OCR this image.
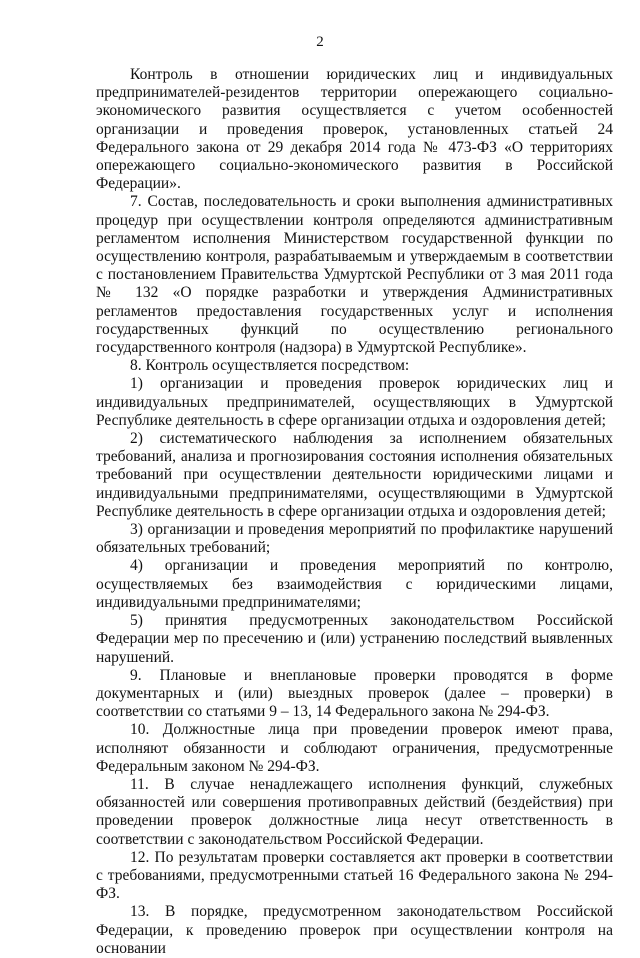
2

Контроль в отношении юридических лиц и индивидуальных предпринимателей-резидентов территории опережающего социально-экономического развития осуществляется с учетом особенностей организации и проведения проверок, установленных статьей 24 Федерального закона от 29 декабря 2014 года № 473-ФЗ «О территориях опережающего социально-экономического развития в Российской Федерации».

7. Состав, последовательность и сроки выполнения административных процедур при осуществлении контроля определяются административным регламентом исполнения Министерством государственной функции по осуществлению контроля, разрабатываемым и утверждаемым в соответствии с постановлением Правительства Удмуртской Республики от 3 мая 2011 года № 132 «О порядке разработки и утверждения Административных регламентов предоставления государственных услуг и исполнения государственных функций по осуществлению регионального государственного контроля (надзора) в Удмуртской Республике».

8. Контроль осуществляется посредством:

1) организации и проведения проверок юридических лиц и индивидуальных предпринимателей, осуществляющих в Удмуртской Республике деятельность в сфере организации отдыха и оздоровления детей;

2) систематического наблюдения за исполнением обязательных требований, анализа и прогнозирования состояния исполнения обязательных требований при осуществлении деятельности юридическими лицами и индивидуальными предпринимателями, осуществляющими в Удмуртской Республике деятельность в сфере организации отдыха и оздоровления детей;

3) организации и проведения мероприятий по профилактике нарушений обязательных требований;

4) организации и проведения мероприятий по контролю, осуществляемых без взаимодействия с юридическими лицами, индивидуальными предпринимателями;

5) принятия предусмотренных законодательством Российской Федерации мер по пресечению и (или) устранению последствий выявленных нарушений.

9. Плановые и внеплановые проверки проводятся в форме документарных и (или) выездных проверок (далее – проверки) в соответствии со статьями 9 – 13, 14 Федерального закона № 294-ФЗ.

10. Должностные лица при проведении проверок имеют права, исполняют обязанности и соблюдают ограничения, предусмотренные Федеральным законом № 294-ФЗ.

11. В случае ненадлежащего исполнения функций, служебных обязанностей или совершения противоправных действий (бездействия) при проведении проверок должностные лица несут ответственность в соответствии с законодательством Российской Федерации.

12. По результатам проверки составляется акт проверки в соответствии с требованиями, предусмотренными статьей 16 Федерального закона № 294-ФЗ.

13. В порядке, предусмотренном законодательством Российской Федерации, к проведению проверок при осуществлении контроля на основании
